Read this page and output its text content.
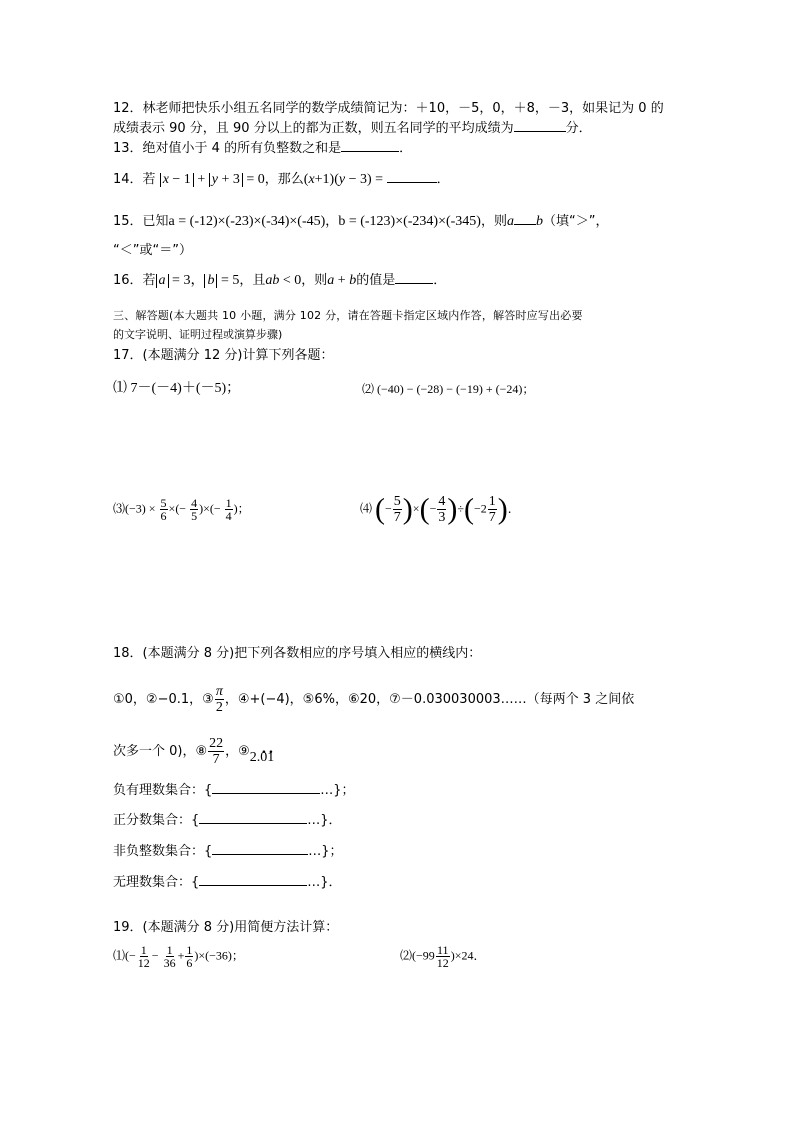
12．林老师把快乐小组五名同学的数学成绩简记为：＋10，－5，0，＋8，－3，如果记为 0 的
成绩表示 90 分，且 90 分以上的都为正数，则五名同学的平均成绩为	分．
13．绝对值小于 4 的所有负整数之和是	．
14．若 x − 1 + y + 3 = 0，那么(x+1)(y − 3) =	．
15．已知a = (-12)×(-23)×(-34)×(-45)，b = (-123)×(-234)×(-345)，则a b（填“＞”，
“＜”或“＝”）
16．若 a = 3， b = 5，且ab < 0，则a + b的值是	．
三、解答题(本大题共 10 小题，满分 102 分，请在答题卡指定区域内作答，解答时应写出必要
的文字说明、证明过程或演算步骤)
17．(本题满分 12 分)计算下列各题：
⑴ 7－(－4)＋(－5)；	⑵ (−40) − (−28) − (−19) + (−24)；
⑶(−3) × $\frac{5}{6}$ ×(− $\frac{4}{5}$ )×(− $\frac{1}{4}$ )；	⑷ (− $\frac{5}{7}$ )×(− $\frac{4}{3} )\div(-2 \frac{1}{7}$ )．
18．(本题满分 8 分)把下列各数相应的序号填入相应的横线内：
①0，②−0.1，③ $\frac{\pi}{2}$ ，④+(−4)，⑤6%，⑥20，⑦－0.030030003……（每两个 3 之间依
次多一个 0)，⑧ $\frac{22}{7}$ ，⑨2.· 0· 1
负有理数集合：{	…}；
正分数集合：{	…}．
非负整数集合：{	…}；
无理数集合：{	…}．
19．(本题满分 8 分)用简便方法计算：
⑴(− $\frac{1}{12} - \frac{1}{36} + \frac{1}{6} )\times(-36)$；	⑵(−99 $\frac{11}{12} )\times 24$．
